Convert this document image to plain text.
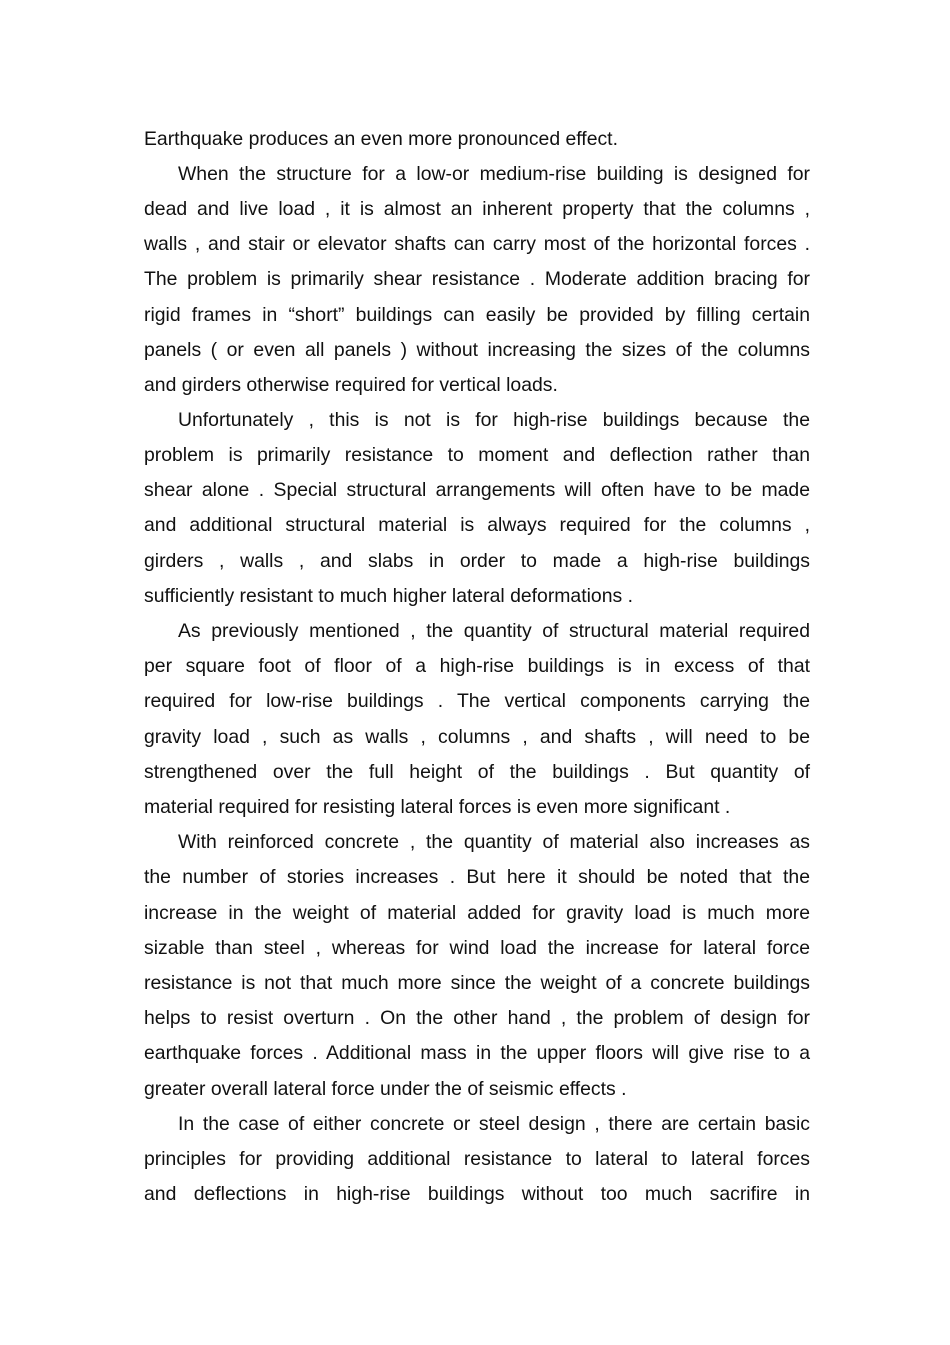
Earthquake produces an even more pronounced effect.
When the structure for a low-or medium-rise building is designed for
dead and live load , it is almost an inherent property that the columns ,
walls , and stair or elevator shafts can carry most of the horizontal forces .
The problem is primarily shear resistance . Moderate addition bracing for
rigid frames in “short” buildings can easily be provided by filling certain
panels ( or even all panels ) without increasing the sizes of the columns
and girders otherwise required for vertical loads.
Unfortunately , this is not is for high-rise buildings because the
problem is primarily resistance to moment and deflection rather than
shear alone . Special structural arrangements will often have to be made
and additional structural material is always required for the columns ,
girders , walls , and slabs in order to made a high-rise buildings
sufficiently resistant to much higher lateral deformations .
As previously mentioned , the quantity of structural material required
per square foot of floor of a high-rise buildings is in excess of that
required for low-rise buildings . The vertical components carrying the
gravity load , such as walls , columns , and shafts , will need to be
strengthened over the full height of the buildings . But quantity of
material required for resisting lateral forces is even more significant .
With reinforced concrete , the quantity of material also increases as
the number of stories increases . But here it should be noted that the
increase in the weight of material added for gravity load is much more
sizable than steel , whereas for wind load the increase for lateral force
resistance is not that much more since the weight of a concrete buildings
helps to resist overturn . On the other hand , the problem of design for
earthquake forces . Additional mass in the upper floors will give rise to a
greater overall lateral force under the of seismic effects .
In the case of either concrete or steel design , there are certain basic
principles for providing additional resistance to lateral to lateral forces
and deflections in high-rise buildings without too much sacrifire in
